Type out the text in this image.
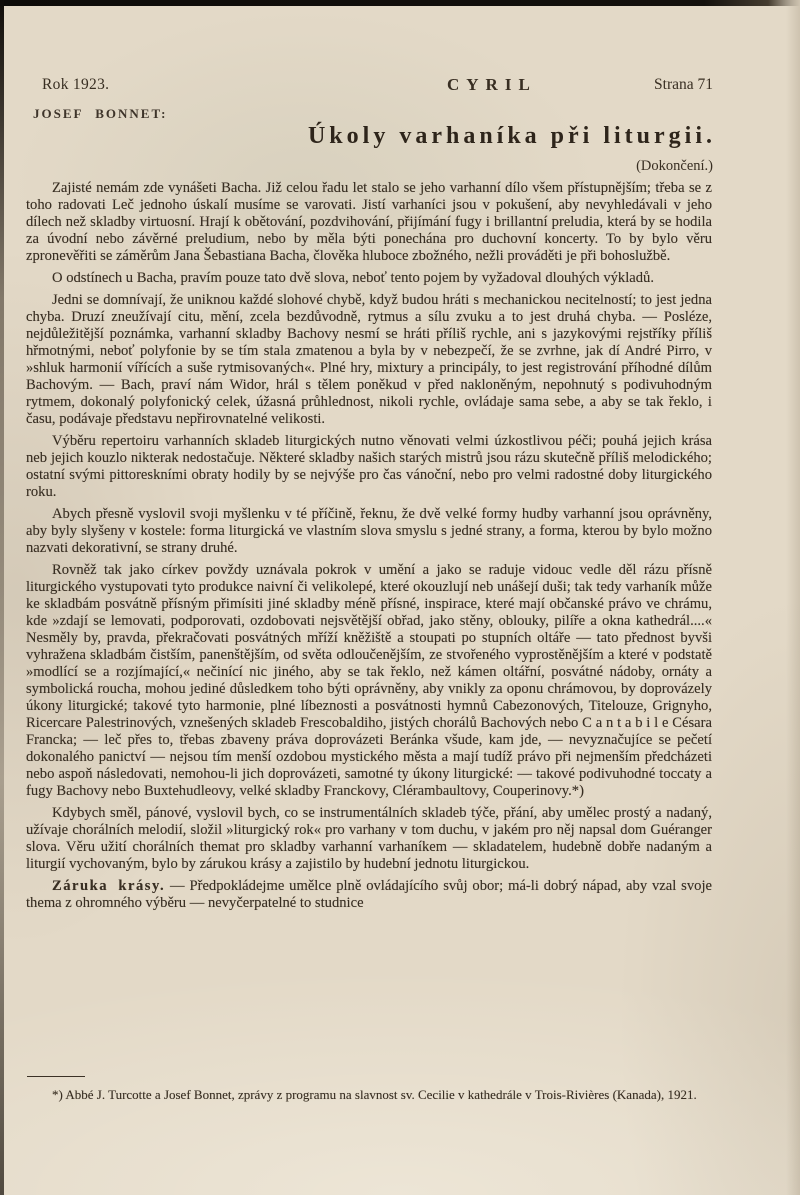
Rok 1923.	CYRIL	Strana 71
JOSEF BONNET:
Úkoly varhaníka při liturgii.
(Dokončení.)

Zajisté nemám zde vynášeti Bacha. Již celou řadu let stalo se jeho varhanní dílo všem přístupnějším; třeba se z toho radovati Leč jednoho úskalí musíme se varovati. Jistí varhaníci jsou v pokušení, aby nevyhledávali v jeho dílech než skladby virtuosní. Hrají k obětování, pozdvihování, přijímání fugy i brillantní preludia, která by se hodila za úvodní nebo závěrné preludium, nebo by měla býti ponechána pro duchovní koncerty. To by bylo věru zpronevěřiti se záměrům Jana Šebastiana Bacha, člověka hluboce zbožného, nežli prováděti je při bohoslužbě.

O odstínech u Bacha, pravím pouze tato dvě slova, neboť tento pojem by vyžadoval dlouhých výkladů.

Jedni se domnívají, že uniknou každé slohové chybě, když budou hráti s mechanickou necitelností; to jest jedna chyba. Druzí zneužívají citu, mění, zcela bezdůvodně, rytmus a sílu zvuku a to jest druhá chyba. — Posléze, nejdůležitější poznámka, varhanní skladby Bachovy nesmí se hráti příliš rychle, ani s jazykovými rejstříky příliš hřmotnými, neboť polyfonie by se tím stala zmatenou a byla by v nebezpečí, že se zvrhne, jak dí André Pirro, v »shluk harmonií vířících a suše rytmisovaných«. Plné hry, mixtury a principály, to jest registrování příhodné dílům Bachovým. — Bach, praví nám Widor, hrál s tělem poněkud v před nakloněným, nepohnutý s podivuhodným rytmem, dokonalý polyfonický celek, úžasná průhlednost, nikoli rychle, ovládaje sama sebe, a aby se tak řeklo, i času, podávaje představu nepřirovnatelné velikosti.

Výběru repertoiru varhanních skladeb liturgických nutno věnovati velmi úzkostlivou péči; pouhá jejich krása neb jejich kouzlo nikterak nedostačuje. Některé skladby našich starých mistrů jsou rázu skutečně příliš melodického; ostatní svými pittoreskními obraty hodily by se nejvýše pro čas vánoční, nebo pro velmi radostné doby liturgického roku.

Abych přesně vyslovil svoji myšlenku v té příčině, řeknu, že dvě velké formy hudby varhanní jsou oprávněny, aby byly slyšeny v kostele: forma liturgická ve vlastním slova smyslu s jedné strany, a forma, kterou by bylo možno nazvati dekorativní, se strany druhé.

Rovněž tak jako církev povždy uznávala pokrok v umění a jako se raduje vidouc vedle děl rázu přísně liturgického vystupovati tyto produkce naivní či velikolepé, které okouzlují neb unášejí duši; tak tedy varhaník může ke skladbám posvátně přísným přimísiti jiné skladby méně přísné, inspirace, které mají občanské právo ve chrámu, kde »zdají se lemovati, podporovati, ozdobovati nejsvětější obřad, jako stěny, oblouky, pilíře a okna kathedrál....« Nesměly by, pravda, překračovati posvátných mříží kněžiště a stoupati po stupních oltáře — tato přednost byvši vyhražena skladbám čistším, panenštějším, od světa odloučenějším, ze stvořeného vyprostěnějším a které v podstatě »modlící se a rozjímající,« nečinící nic jiného, aby se tak řeklo, než kámen oltářní, posvátné nádoby, ornáty a symbolická roucha, mohou jediné důsledkem toho býti oprávněny, aby vnikly za oponu chrámovou, by doprovázely úkony liturgické; takové tyto harmonie, plné líbeznosti a posvátnosti hymnů Cabezonových, Titelouze, Grignyho, Ricercare Palestrinových, vznešených skladeb Frescobaldiho, jistých chorálů Bachových nebo C a n t a b i l e Césara Francka; — leč přes to, třebas zbaveny práva doprovázeti Beránka všude, kam jde, — nevyznačujíce se pečetí dokonalého panictví — nejsou tím menší ozdobou mystického města a mají tudíž právo při nejmenším předcházeti nebo aspoň následovati, nemohou-li jich doprovázeti, samotné ty úkony liturgické: — takové podivuhodné toccaty a fugy Bachovy nebo Buxtehudleovy, velké skladby Franckovy, Clérambaultovy, Couperinovy.*)

Kdybych směl, pánové, vyslovil bych, co se instrumentálních skladeb týče, přání, aby umělec prostý a nadaný, užívaje chorálních melodií, složil »liturgický rok« pro varhany v tom duchu, v jakém pro něj napsal dom Guéranger slova. Věru užití chorálních themat pro skladby varhanní varhaníkem — skladatelem, hudebně dobře nadaným a liturgií vychovaným, bylo by zárukou krásy a zajistilo by hudební jednotu liturgickou.

Záruka krásy. — Předpokládejme umělce plně ovládajícího svůj obor; má-li dobrý nápad, aby vzal svoje thema z ohromného výběru — nevyčerpatelné to studnice

*) Abbé J. Turcotte a Josef Bonnet, zprávy z programu na slavnost sv. Cecilie v kathedrále v Trois-Rivières (Kanada), 1921.
